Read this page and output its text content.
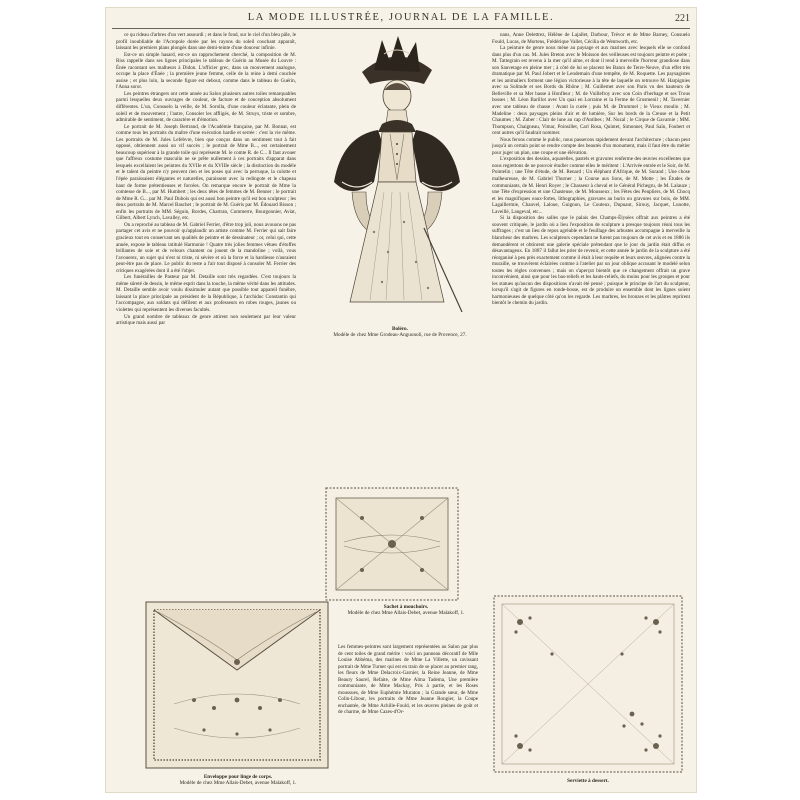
LA MODE ILLUSTRÉE, JOURNAL DE LA FAMILLE.	221

ce qu rideau d'arbres d'un vert assourdi ; et dans le fond, sur le ciel d'un bleu pâle, le profil inoubliable de l'Acropole dorée par les rayons du soleil couchant apparaît, laissant les premiers plans plongés dans une demi-teinte d'une douceur infinie.

Est-ce un simple hasard, est-ce un rapprochement cherché, la composition de M. Riss rappelle dans ses lignes principales le tableau de Guérin au Musée du Louvre : Énée racontant ses malheurs à Didon. L'officier grec, dans un mouvement analogue, occupe la place d'Énée ; la première jeune femme, celle de la reine à demi couchée assise ; et plus loin, la seconde figure est debout, comme dans le tableau de Guérin, l'Anna soror.

Les peintres étrangers ont cette année au Salon plusieurs autres toiles remarquables parmi lesquelles deux ouvrages de couleur, de facture et de conception absolument différentes. L'un, Consuelo la veille, de M. Sorolla, d'une couleur éclatante, plein de soleil et de mouvement ; l'autre, Consoler les affligés, de M. Struys, triste et sombre, admirable de sentiment, de caractère et d'émotion.

Le portrait de M. Joseph Bertrand, de l'Académie française, par M. Bonnat, est comme tous les portraits du maître d'une exécution hardie et serrée : c'est la vie même. Les portraits de M. Jules Lefebvre, bien que conçus dans un sentiment tout à fait opposé, obtiennent aussi un vif succès ; le portrait de Mme B..., est certainement beaucoup supérieur à la grande toile qui représente M. le comte R. de C... Il faut avouer que l'affreux costume masculin ne se prête nullement à ces portraits d'apparat dans lesquels excellaient les peintres du XVIIe et du XVIIIe siècle ; la distinction du modèle et le talent du peintre n'y peuvent rien et les poses qui avec la perruque, la culotte et l'épée paraissaient élégantes et naturelles, paraissent avec la redingote et le chapeau haut de forme prétentieuses et forcées. On remarque encore le portrait de Mme la comtesse de B..., par M. Humbert ; les deux têtes de femmes de M. Benner ; le portrait de Mme R. G... par M. Paul Dubois qui est aussi bon peintre qu'il est bon sculpteur ; les deux portraits de M. Marcel Baschet ; le portrait de M. Guéris par M. Édouard Bisson ; enfin les portraits de MM. Séguin, Bordes, Chartran, Commerre, Bourgonnier, Aviat, Gilbert, Albert Lynch, Lavalley, etc.

On a reproché au tableau de M. Gabriel Ferrier, d'être trop joli, nous avouons ne pas partager cet avis et ne pouvoir qu'applaudir un artiste comme M. Ferrier qui sait faire gracieux tout en conservant ses qualités de peintre et de dessinateur ; or, celui qui, cette année, expose le tableau intitulé Harmonie ! Quatre très jolies femmes vêtues d'étoffes brillantes de soie et de velours chantent ou jouent de la mandoline ; voilà, vous l'avouerez, un sujet qui n'est ni triste, ni sévère et où la force et la hardiesse n'auraient peut-être pas de place. Le public du reste a l'air tout disposé à consoler M. Ferrier des critiques exagérées dont il a été l'objet.

Les funérailles de Pasteur par M. Detaille sont très regardées. C'est toujours la même sûreté de dessin, le même esprit dans la touche, la même vérité dans les attitudes. M. Detaille semble avoir voulu dissimuler autant que possible tout appareil funèbre, laissant la place principale au président de la République, à l'archiduc Constantin qui l'accompagne, aux soldats qui défilent et aux professeurs en robes rouges, jaunes ou violettes qui représentent les diverses facultés.

Un grand nombre de tableaux de genre attirent non seulement par leur valeur artistique mais aussi par

Boléro.
Modèle de chez Mme Grodeau-Anguonoli, rue de Provence, 27.
Enveloppe pour linge de corps.
Modèle de chez Mme Allais-Debet, avenue Malakoff, 1.
Les femmes-peintres sont largement représentées au Salon par plus de cent toiles de grand mérite : voici un panneau décoratif de Mlle Louise Abbéma, des marines de Mme La Villette, un ravissant portrait de Mme Turner qui est en train de se placer au premier rang, les fleurs de Mme Delacroix-Garnier, la Reine Jeanne, de Mme Beaury Saurel, Refaite, de Mme Alma Tadema, Une première communiante, de Mme Mackay, Pris à partie, et les Roses moussues, de Mme Euphémie Muraton ; la Grande sœur, de Mme Colin-Libour, les portraits de Mme Jeanne Rongier, la Coupe enchantée, de Mme Achille-Fould, et les œuvres pleines de goût et de charme, de Mme Cazes-d'Or-

nans, Anne Delettrez, Hélène de Lajallet, Darbour, Trévor et de Mme Barney, Consuelo Fould, Lucas, de Mortens, Frédérique Vallet, Cécilia de Wentworth, etc.

La peinture de genre nous mène au paysage et aux marines avec lesquels elle se confond dans plus d'un cas. M. Jules Breton avec le Moisson des veilleuses est toujours peintre et poète ; M. Tattegrain est revenu à la mer qu'il aime, et dont il rend à merveille l'horreur grandiose dans son Sauvetage en pleine mer ; à côté de lui se placent les Bancs de Terre-Neuve, d'un effet très dramatique par M. Paul Jobert et le Lendemain d'une tempête, de M. Roquette. Les paysagistes et les animaliers forment une légion victorieuse à la tête de laquelle on retrouve M. Harpignies avec sa Solitude et ses Bords du Rhône ; M. Guillemet avec son Paris vu des hauteurs de Belleville et sa Mer basse à Honfleur ; M. de Vuillefroy avec son Coin d'herbage et ses Trous bosses ; M. Léon Barillot avec Un quai en Lorraine et la Ferme de Grosmenil ; M. Tavernier avec une tableau de chasse : Avant la curée ; puis M. de Drummel ; le Vieux moulin ; M. Madeline : deux paysages pleins d'air et de lumière, Sur les bords de la Creuse et la Petit Chaumes ; M. Zuber : Clair de lune au cap d'Antibes ; M. Nozal ; le Cirque de Gavarnie ; MM. Thompson, Chaigneau, Vimar, Poinsillet, Carl Rosa, Quintet, Simonnet, Paul Saïn, Foubert et cent autres qu'il faudrait nommer.

Nous ferons comme le public, nous passerons rapidement devant l'architecture ; chacun peut jusqu'à un certain point se rendre compte des beautés d'un monument, mais il faut être du métier pour juger un plan, une coupe et une élévation.

L'exposition des dessins, aquarelles, pastels et gravures renferme des œuvres excellentes que nous regrettons de ne pouvoir étudier comme elles le méritent : L'Arrivée entrée et le Soir, de M. Pointelin ; une Tête d'étude, de M. Renard ; Un éléphant d'Afrique, de M. Surand ; Une chose malheureuse, de M. Gabriel Thurner ; la Course aux lions, de M. Motte ; les Études de communiants, de M. Henri Royer ; le Chasseur à cheval et le Général Pichegru, de M. Lalauze ; une Tête d'expression et une Chasteuse, de M. Mousseux ; les Fêtes des Peupliers, de M. Chocq et les magnifiques eaux-fortes, lithographies, gravures au burin ou gravures sur bois, de MM. Lagaillermie, Chauvel, Laloue, Guignon, Le Couteux, Dupuaut, Sirouy, Jacquet, Lunotte, Laveillé, Langeval, etc...

Si la disposition des salles que le palais des Champs-Élysées offrait aux peintres a été souvent critiquée, le jardin où a lieu l'exposition de sculpture a presque toujours réuni tous les suffrages ; c'est un lieu de repos agréable et le feuillage des arbustes accompagne à merveille la blancheur des marbres. Les sculpteurs cependant ne furent pas toujours de cet avis et en 1886 ils demandèrent et obtinrent une galerie spéciale prétendant que le jour du jardin était diffus et désavantageux. En 1887 il fallut les prier de revenir, et cette année le jardin de la sculpture a été réorganisé à peu près exactement comme il était à leur requête et leurs œuvres, alignées contre la muraille, se trouvèrent éclairées comme à l'atelier par un jour oblique accusant le modelé selon toutes les règles convenues ; mais on s'aperçut bientôt que ce changement offrait un grave inconvénient, ainsi que pour les bas-reliefs et les hauts-reliefs, du moins pour les groupes et pour les statues qu'aucun des dispositions n'avait été pensé ; puisque le principe de l'art du sculpteur, lorsqu'il s'agit de figures en ronde-bosse, est de produire un ensemble dont les lignes soient harmonieuses de quelque côté qu'on les regarde. Les marbres, les bronzes et les plâtres reprirent bientôt le chemin du jardin.

Serviette à dessert.
Sachet à mouchoirs.
Modèle de chez Mme Allais-Debet, avenue Malakoff, 1.
